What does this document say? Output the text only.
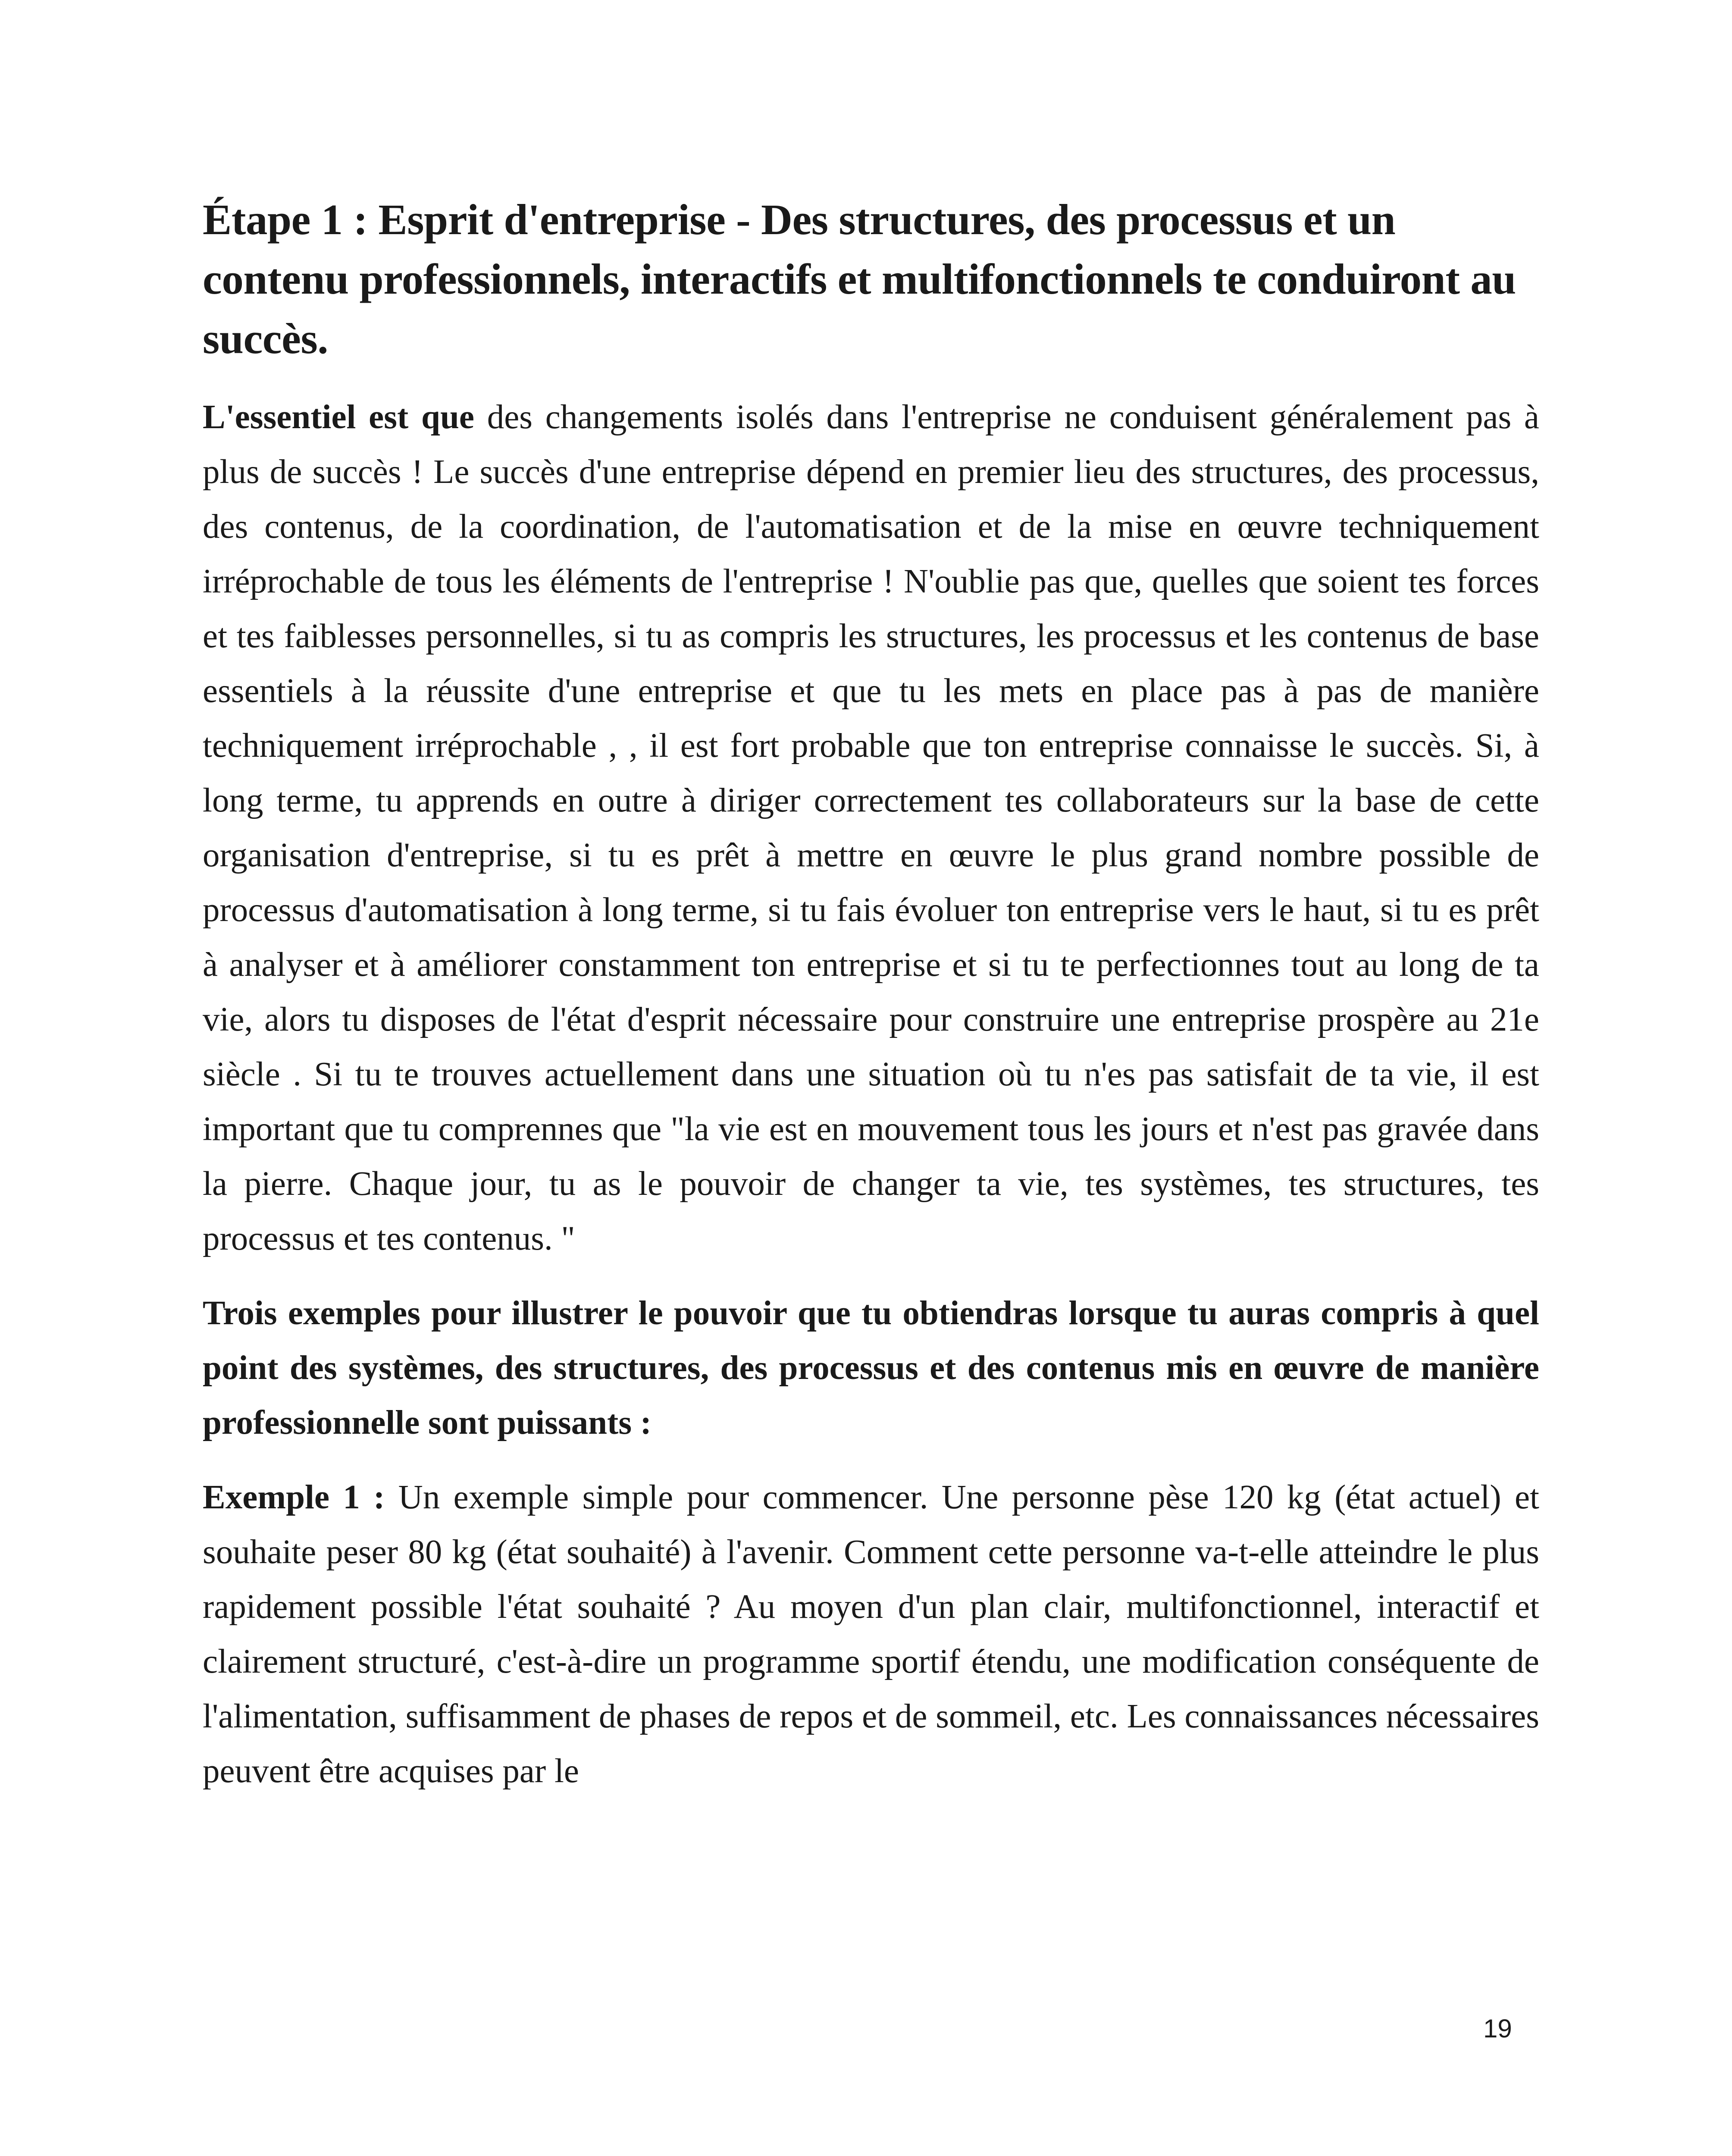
Étape 1 : Esprit d'entreprise - Des structures, des processus et un contenu professionnels, interactifs et multifonctionnels te conduiront au succès.

L'essentiel est que des changements isolés dans l'entreprise ne conduisent généralement pas à plus de succès ! Le succès d'une entreprise dépend en premier lieu des structures, des processus, des contenus, de la coordination, de l'automatisation et de la mise en œuvre techniquement irréprochable de tous les éléments de l'entreprise ! N'oublie pas que, quelles que soient tes forces et tes faiblesses personnelles, si tu as compris les structures, les processus et les contenus de base essentiels à la réussite d'une entreprise et que tu les mets en place pas à pas de manière techniquement irréprochable , , il est fort probable que ton entreprise connaisse le succès. Si, à long terme, tu apprends en outre à diriger correctement tes collaborateurs sur la base de cette organisation d'entreprise, si tu es prêt à mettre en œuvre le plus grand nombre possible de processus d'automatisation à long terme, si tu fais évoluer ton entreprise vers le haut, si tu es prêt à analyser et à améliorer constamment ton entreprise et si tu te perfectionnes tout au long de ta vie, alors tu disposes de l'état d'esprit nécessaire pour construire une entreprise prospère au 21e siècle . Si tu te trouves actuellement dans une situation où tu n'es pas satisfait de ta vie, il est important que tu comprennes que "la vie est en mouvement tous les jours et n'est pas gravée dans la pierre. Chaque jour, tu as le pouvoir de changer ta vie, tes systèmes, tes structures, tes processus et tes contenus. "

Trois exemples pour illustrer le pouvoir que tu obtiendras lorsque tu auras compris à quel point des systèmes, des structures, des processus et des contenus mis en œuvre de manière professionnelle sont puissants :

Exemple 1 : Un exemple simple pour commencer. Une personne pèse 120 kg (état actuel) et souhaite peser 80 kg (état souhaité) à l'avenir. Comment cette personne va-t-elle atteindre le plus rapidement possible l'état souhaité ? Au moyen d'un plan clair, multifonctionnel, interactif et clairement structuré, c'est-à-dire un programme sportif étendu, une modification conséquente de l'alimentation, suffisamment de phases de repos et de sommeil, etc. Les connaissances nécessaires peuvent être acquises par le

19
